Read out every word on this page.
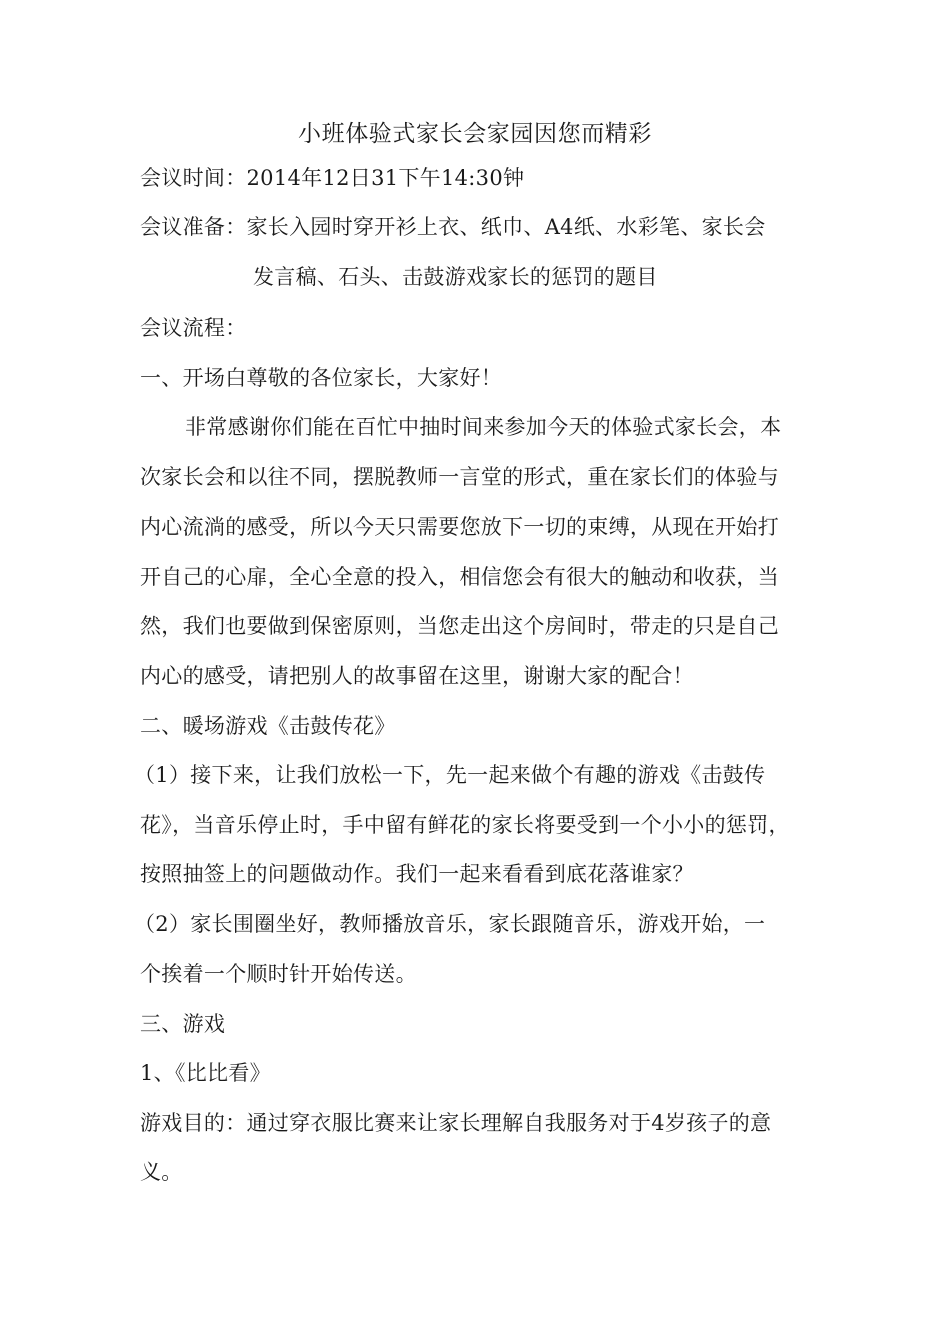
小班体验式家长会家园因您而精彩
会议时间：2014年12日31下午14:30钟
会议准备：家长入园时穿开衫上衣、纸巾、A4纸、水彩笔、家长会
发言稿、石头、击鼓游戏家长的惩罚的题目
会议流程：
一、开场白尊敬的各位家长，大家好！
非常感谢你们能在百忙中抽时间来参加今天的体验式家长会，本
次家长会和以往不同，摆脱教师一言堂的形式，重在家长们的体验与
内心流淌的感受，所以今天只需要您放下一切的束缚，从现在开始打
开自己的心扉，全心全意的投入，相信您会有很大的触动和收获，当
然，我们也要做到保密原则，当您走出这个房间时，带走的只是自己
内心的感受，请把别人的故事留在这里，谢谢大家的配合！
二、暖场游戏《击鼓传花》
（1）接下来，让我们放松一下，先一起来做个有趣的游戏《击鼓传
花》，当音乐停止时，手中留有鲜花的家长将要受到一个小小的惩罚，
按照抽签上的问题做动作。我们一起来看看到底花落谁家？
（2）家长围圈坐好，教师播放音乐，家长跟随音乐，游戏开始，一
个挨着一个顺时针开始传送。
三、游戏
1、《比比看》
游戏目的：通过穿衣服比赛来让家长理解自我服务对于4岁孩子的意
义。
